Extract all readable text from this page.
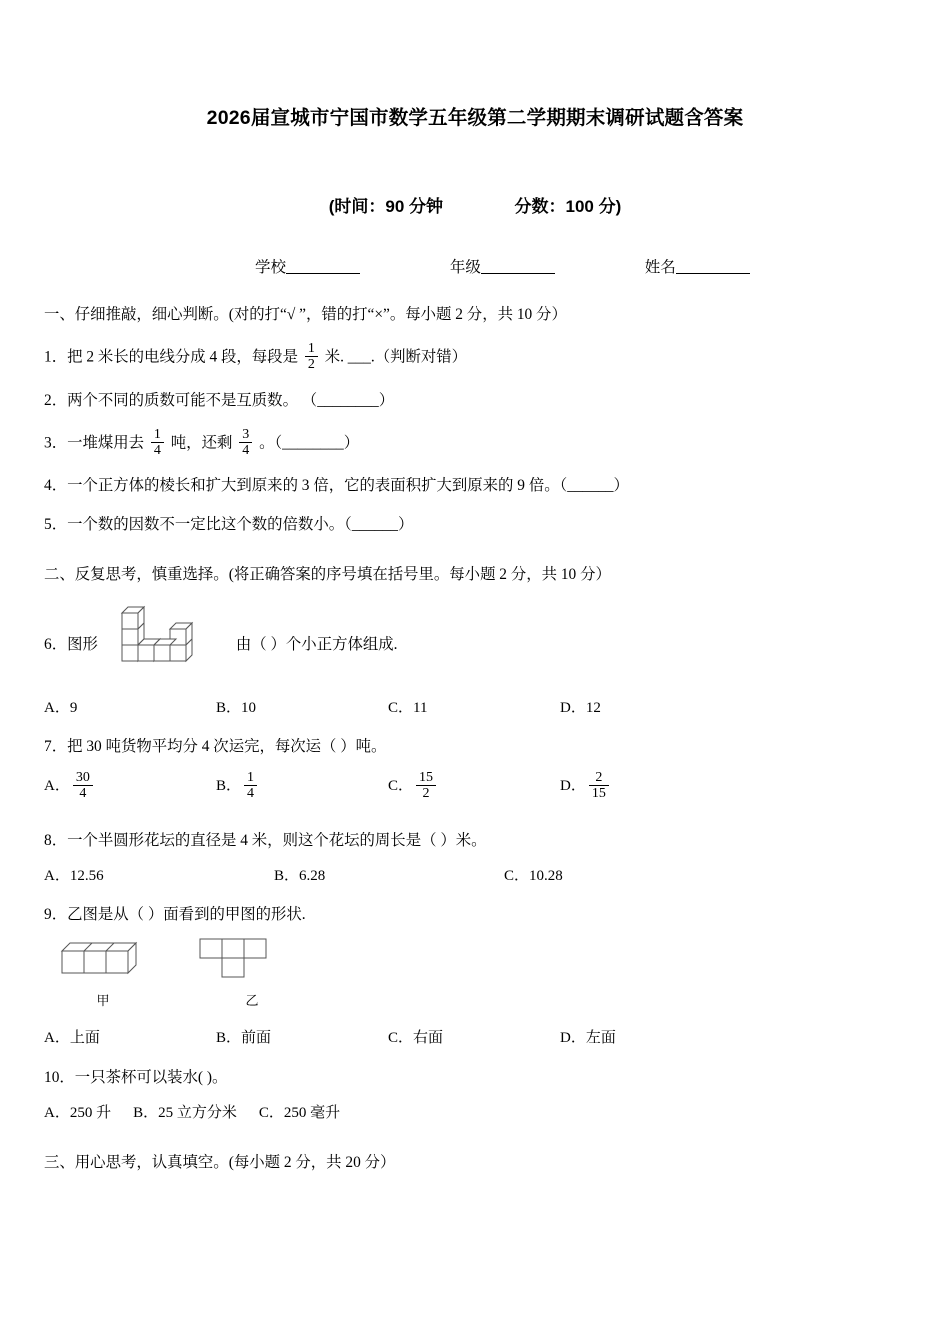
2026届宣城市宁国市数学五年级第二学期期末调研试题含答案
(时间：90 分钟	分数：100 分)
学校	年级	姓名
一、仔细推敲，细心判断。(对的打“√ ”，错的打“×”。每小题 2 分，共 10 分）
1．把 2 米长的电线分成 4 段，每段是 $\frac{1}{2}$ 米. ___.（判断对错）
2．两个不同的质数可能不是互质数。 （________）
3．一堆煤用去 $\frac{1}{4}$ 吨，还剩 $\frac{3}{4}$ 。（________）
4．一个正方体的棱长和扩大到原来的 3 倍，它的表面积扩大到原来的 9 倍。（______）
5．一个数的因数不一定比这个数的倍数小。（______）
二、反复思考，慎重选择。(将正确答案的序号填在括号里。每小题 2 分，共 10 分）
6． 图形	由（ ）个小正方体组成.
A．9	B．10	C．11	D．12
7．把 30 吨货物平均分 4 次运完，每次运（ ）吨。
A． $\frac{30}{4}$	B． $\frac{1}{4}$	C． $\frac{15}{2}$	D． $\frac{2}{15}$
8．一个半圆形花坛的直径是 4 米，则这个花坛的周长是（ ）米。
A．12.56	B．6.28	C．10.28
9．乙图是从（ ）面看到的甲图的形状.
甲	乙
A．上面	B．前面	C．右面	D．左面
10．一只茶杯可以装水( )。
A．250 升 B．25 立方分米 C．250 毫升
三、用心思考，认真填空。(每小题 2 分，共 20 分）
